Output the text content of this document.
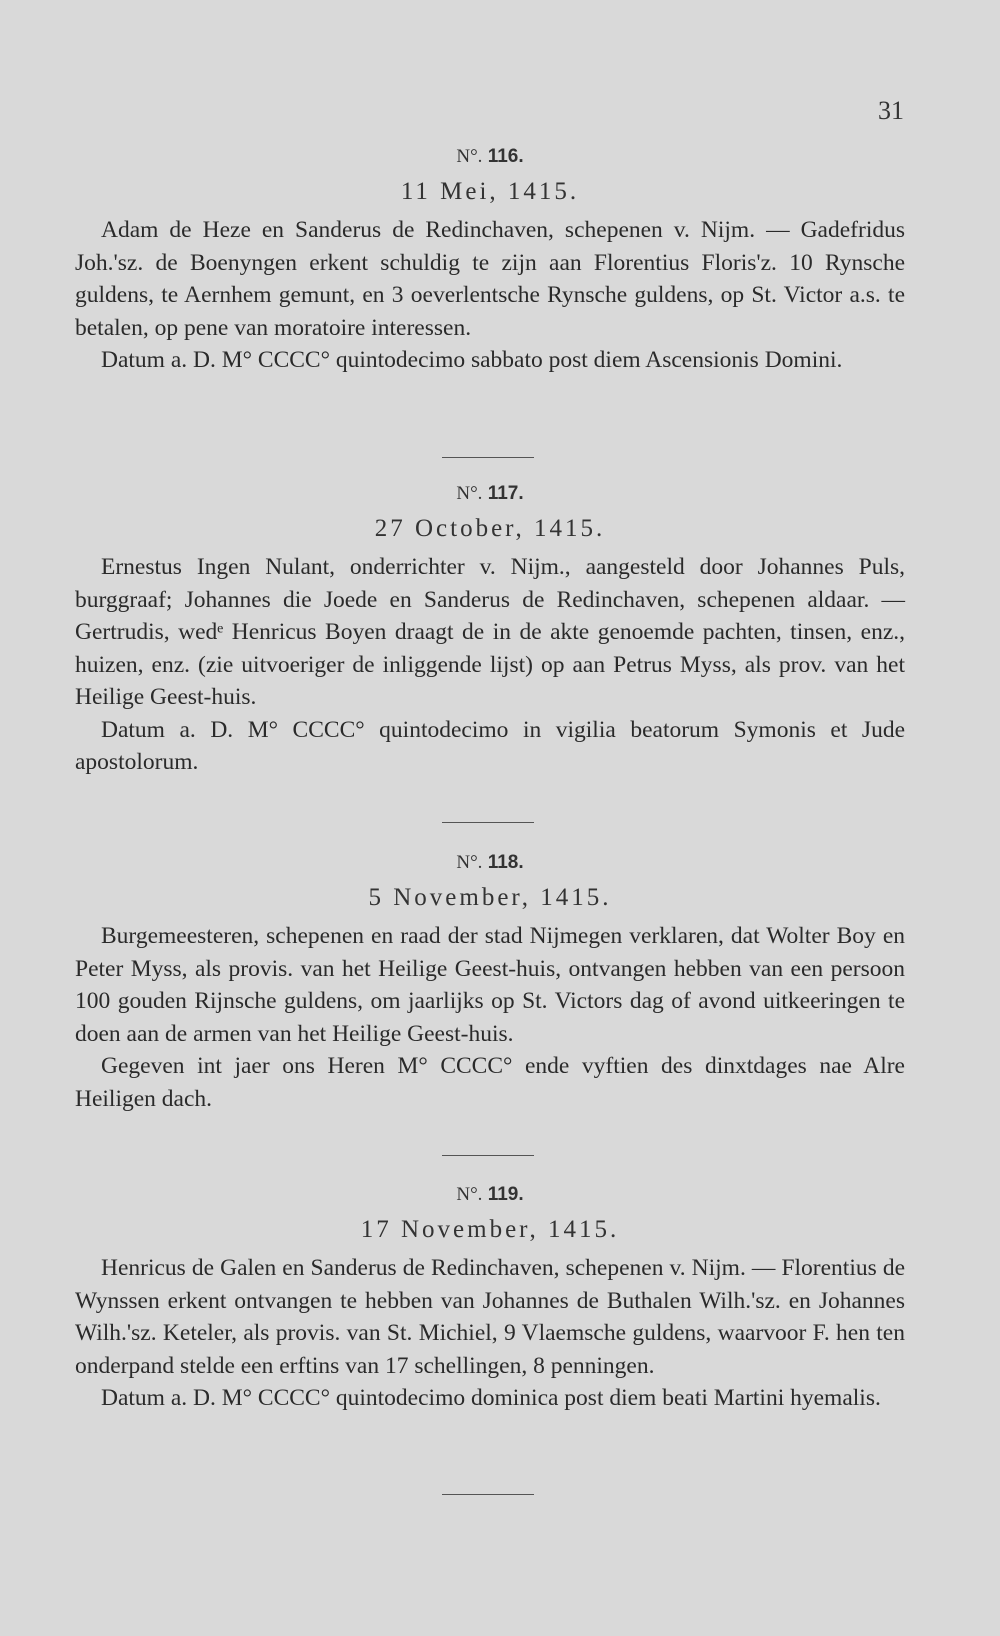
31
N°. 116.
11 Mei, 1415.

Adam de Heze en Sanderus de Redinchaven, schepenen v. Nijm. — Gadefridus Joh.'sz. de Boenyngen erkent schuldig te zijn aan Florentius Floris'z. 10 Rynsche guldens, te Aernhem gemunt, en 3 oeverlentsche Rynsche guldens, op St. Victor a.s. te betalen, op pene van moratoire interessen.

Datum a. D. M° CCCC° quintodecimo sabbato post diem Ascensionis Domini.

N°. 117.
27 October, 1415.

Ernestus Ingen Nulant, onderrichter v. Nijm., aangesteld door Johannes Puls, burggraaf; Johannes die Joede en Sanderus de Redinchaven, schepenen aldaar. — Gertrudis, wedᵉ Henricus Boyen draagt de in de akte genoemde pachten, tinsen, enz., huizen, enz. (zie uitvoeriger de inliggende lijst) op aan Petrus Myss, als prov. van het Heilige Geest-huis.

Datum a. D. M° CCCC° quintodecimo in vigilia beatorum Symonis et Jude apostolorum.

N°. 118.
5 November, 1415.

Burgemeesteren, schepenen en raad der stad Nijmegen verklaren, dat Wolter Boy en Peter Myss, als provis. van het Heilige Geest-huis, ontvangen hebben van een persoon 100 gouden Rijnsche guldens, om jaarlijks op St. Victors dag of avond uitkeeringen te doen aan de armen van het Heilige Geest-huis.

Gegeven int jaer ons Heren M° CCCC° ende vyftien des dinxtdages nae Alre Heiligen dach.

N°. 119.
17 November, 1415.

Henricus de Galen en Sanderus de Redinchaven, schepenen v. Nijm. — Florentius de Wynssen erkent ontvangen te hebben van Johannes de Buthalen Wilh.'sz. en Johannes Wilh.'sz. Keteler, als provis. van St. Michiel, 9 Vlaemsche guldens, waarvoor F. hen ten onderpand stelde een erftins van 17 schellingen, 8 penningen.

Datum a. D. M° CCCC° quintodecimo dominica post diem beati Martini hyemalis.
